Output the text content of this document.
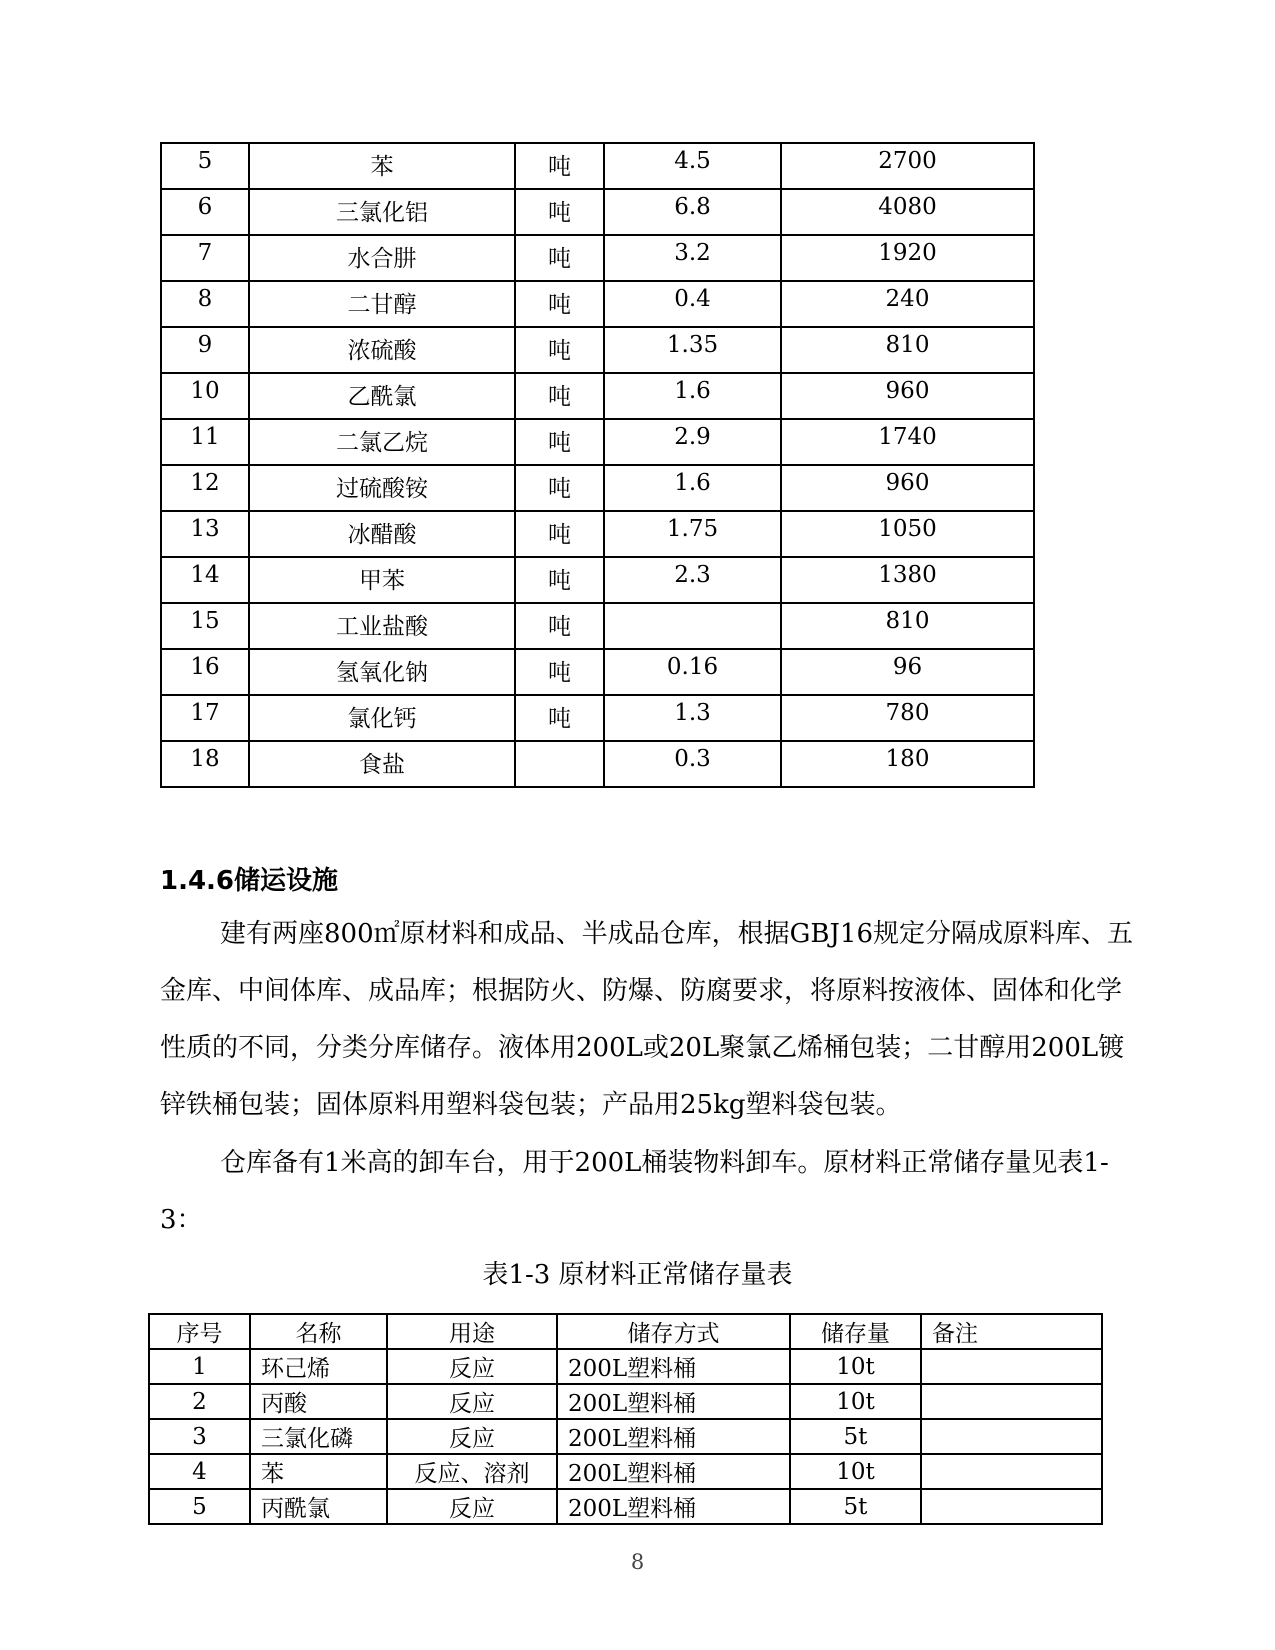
5	苯	吨	4.5	2700
6	三氯化铝	吨	6.8	4080
7	水合肼	吨	3.2	1920
8	二甘醇	吨	0.4	240
9	浓硫酸	吨	1.35	810
10	乙酰氯	吨	1.6	960
11	二氯乙烷	吨	2.9	1740
12	过硫酸铵	吨	1.6	960
13	冰醋酸	吨	1.75	1050
14	甲苯	吨	2.3	1380
15	工业盐酸	吨		810
16	氢氧化钠	吨	0.16	96
17	氯化钙	吨	1.3	780
18	食盐		0.3	180
1.4.6储运设施

建有两座800㎡原材料和成品、半成品仓库，根据GBJ16规定分隔成原料库、五金库、中间体库、成品库；根据防火、防爆、防腐要求，将原料按液体、固体和化学性质的不同，分类分库储存。液体用200L或20L聚氯乙烯桶包装；二甘醇用200L镀锌铁桶包装；固体原料用塑料袋包装；产品用25kg塑料袋包装。

仓库备有1米高的卸车台，用于200L桶装物料卸车。原材料正常储存量见表1-3：

表1-3 原材料正常储存量表
序号	名称	用途	储存方式	储存量	备注
1	环己烯	反应	200L塑料桶	10t	
2	丙酸	反应	200L塑料桶	10t	
3	三氯化磷	反应	200L塑料桶	5t	
4	苯	反应、溶剂	200L塑料桶	10t	
5	丙酰氯	反应	200L塑料桶	5t	
8
